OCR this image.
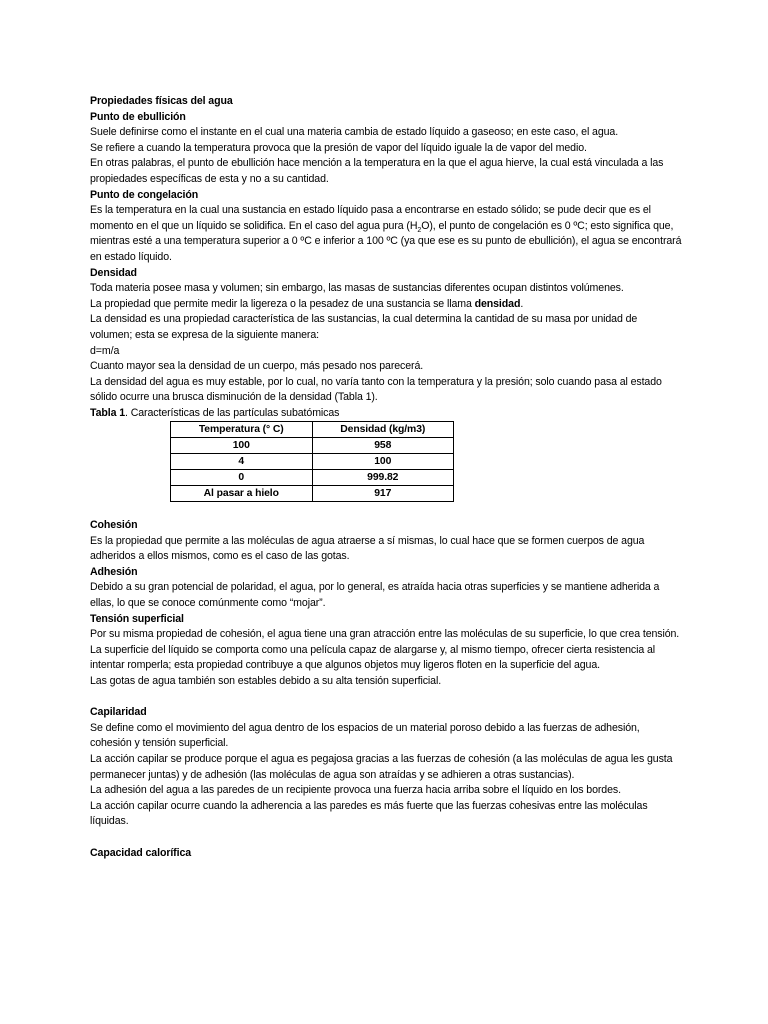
Propiedades físicas del agua

Punto de ebullición

Suele definirse como el instante en el cual una materia cambia de estado líquido a gaseoso; en este caso, el agua.

Se refiere a cuando la temperatura provoca que la presión de vapor del líquido iguale la de vapor del medio.

En otras palabras, el punto de ebullición hace mención a la temperatura en la que el agua hierve, la cual está vinculada a las propiedades específicas de esta y no a su cantidad.

Punto de congelación

Es la temperatura en la cual una sustancia en estado líquido pasa a encontrarse en estado sólido; se pude decir que es el momento en el que un líquido se solidifica. En el caso del agua pura $(H_2O)$, el punto de congelación es 0 ºC; esto significa que, mientras esté a una temperatura superior a 0 ºC e inferior a 100 ºC (ya que ese es su punto de ebullición), el agua se encontrará en estado líquido.

Densidad

Toda materia posee masa y volumen; sin embargo, las masas de sustancias diferentes ocupan distintos volúmenes.

La propiedad que permite medir la ligereza o la pesadez de una sustancia se llama densidad.

La densidad es una propiedad característica de las sustancias, la cual determina la cantidad de su masa por unidad de volumen; esta se expresa de la siguiente manera:

d=m/a

Cuanto mayor sea la densidad de un cuerpo, más pesado nos parecerá.

La densidad del agua es muy estable, por lo cual, no varía tanto con la temperatura y la presión; solo cuando pasa al estado sólido ocurre una brusca disminución de la densidad (Tabla 1).

Tabla 1. Características de las partículas subatómicas

Temperatura (° C)	Densidad (kg/m3)
100	958
4	100
0	999.82
Al pasar a hielo	917

Cohesión

Es la propiedad que permite a las moléculas de agua atraerse a sí mismas, lo cual hace que se formen cuerpos de agua adheridos a ellos mismos, como es el caso de las gotas.

Adhesión

Debido a su gran potencial de polaridad, el agua, por lo general, es atraída hacia otras superficies y se mantiene adherida a ellas, lo que se conoce comúnmente como “mojar”.

Tensión superficial

Por su misma propiedad de cohesión, el agua tiene una gran atracción entre las moléculas de su superficie, lo que crea tensión.

La superficie del líquido se comporta como una película capaz de alargarse y, al mismo tiempo, ofrecer cierta resistencia al intentar romperla; esta propiedad contribuye a que algunos objetos muy ligeros floten en la superficie del agua.

Las gotas de agua también son estables debido a su alta tensión superficial.

Capilaridad

Se define como el movimiento del agua dentro de los espacios de un material poroso debido a las fuerzas de adhesión, cohesión y tensión superficial.

La acción capilar se produce porque el agua es pegajosa gracias a las fuerzas de cohesión (a las moléculas de agua les gusta permanecer juntas) y de adhesión (las moléculas de agua son atraídas y se adhieren a otras sustancias).

La adhesión del agua a las paredes de un recipiente provoca una fuerza hacia arriba sobre el líquido en los bordes.

La acción capilar ocurre cuando la adherencia a las paredes es más fuerte que las fuerzas cohesivas entre las moléculas líquidas.

Capacidad calorífica
